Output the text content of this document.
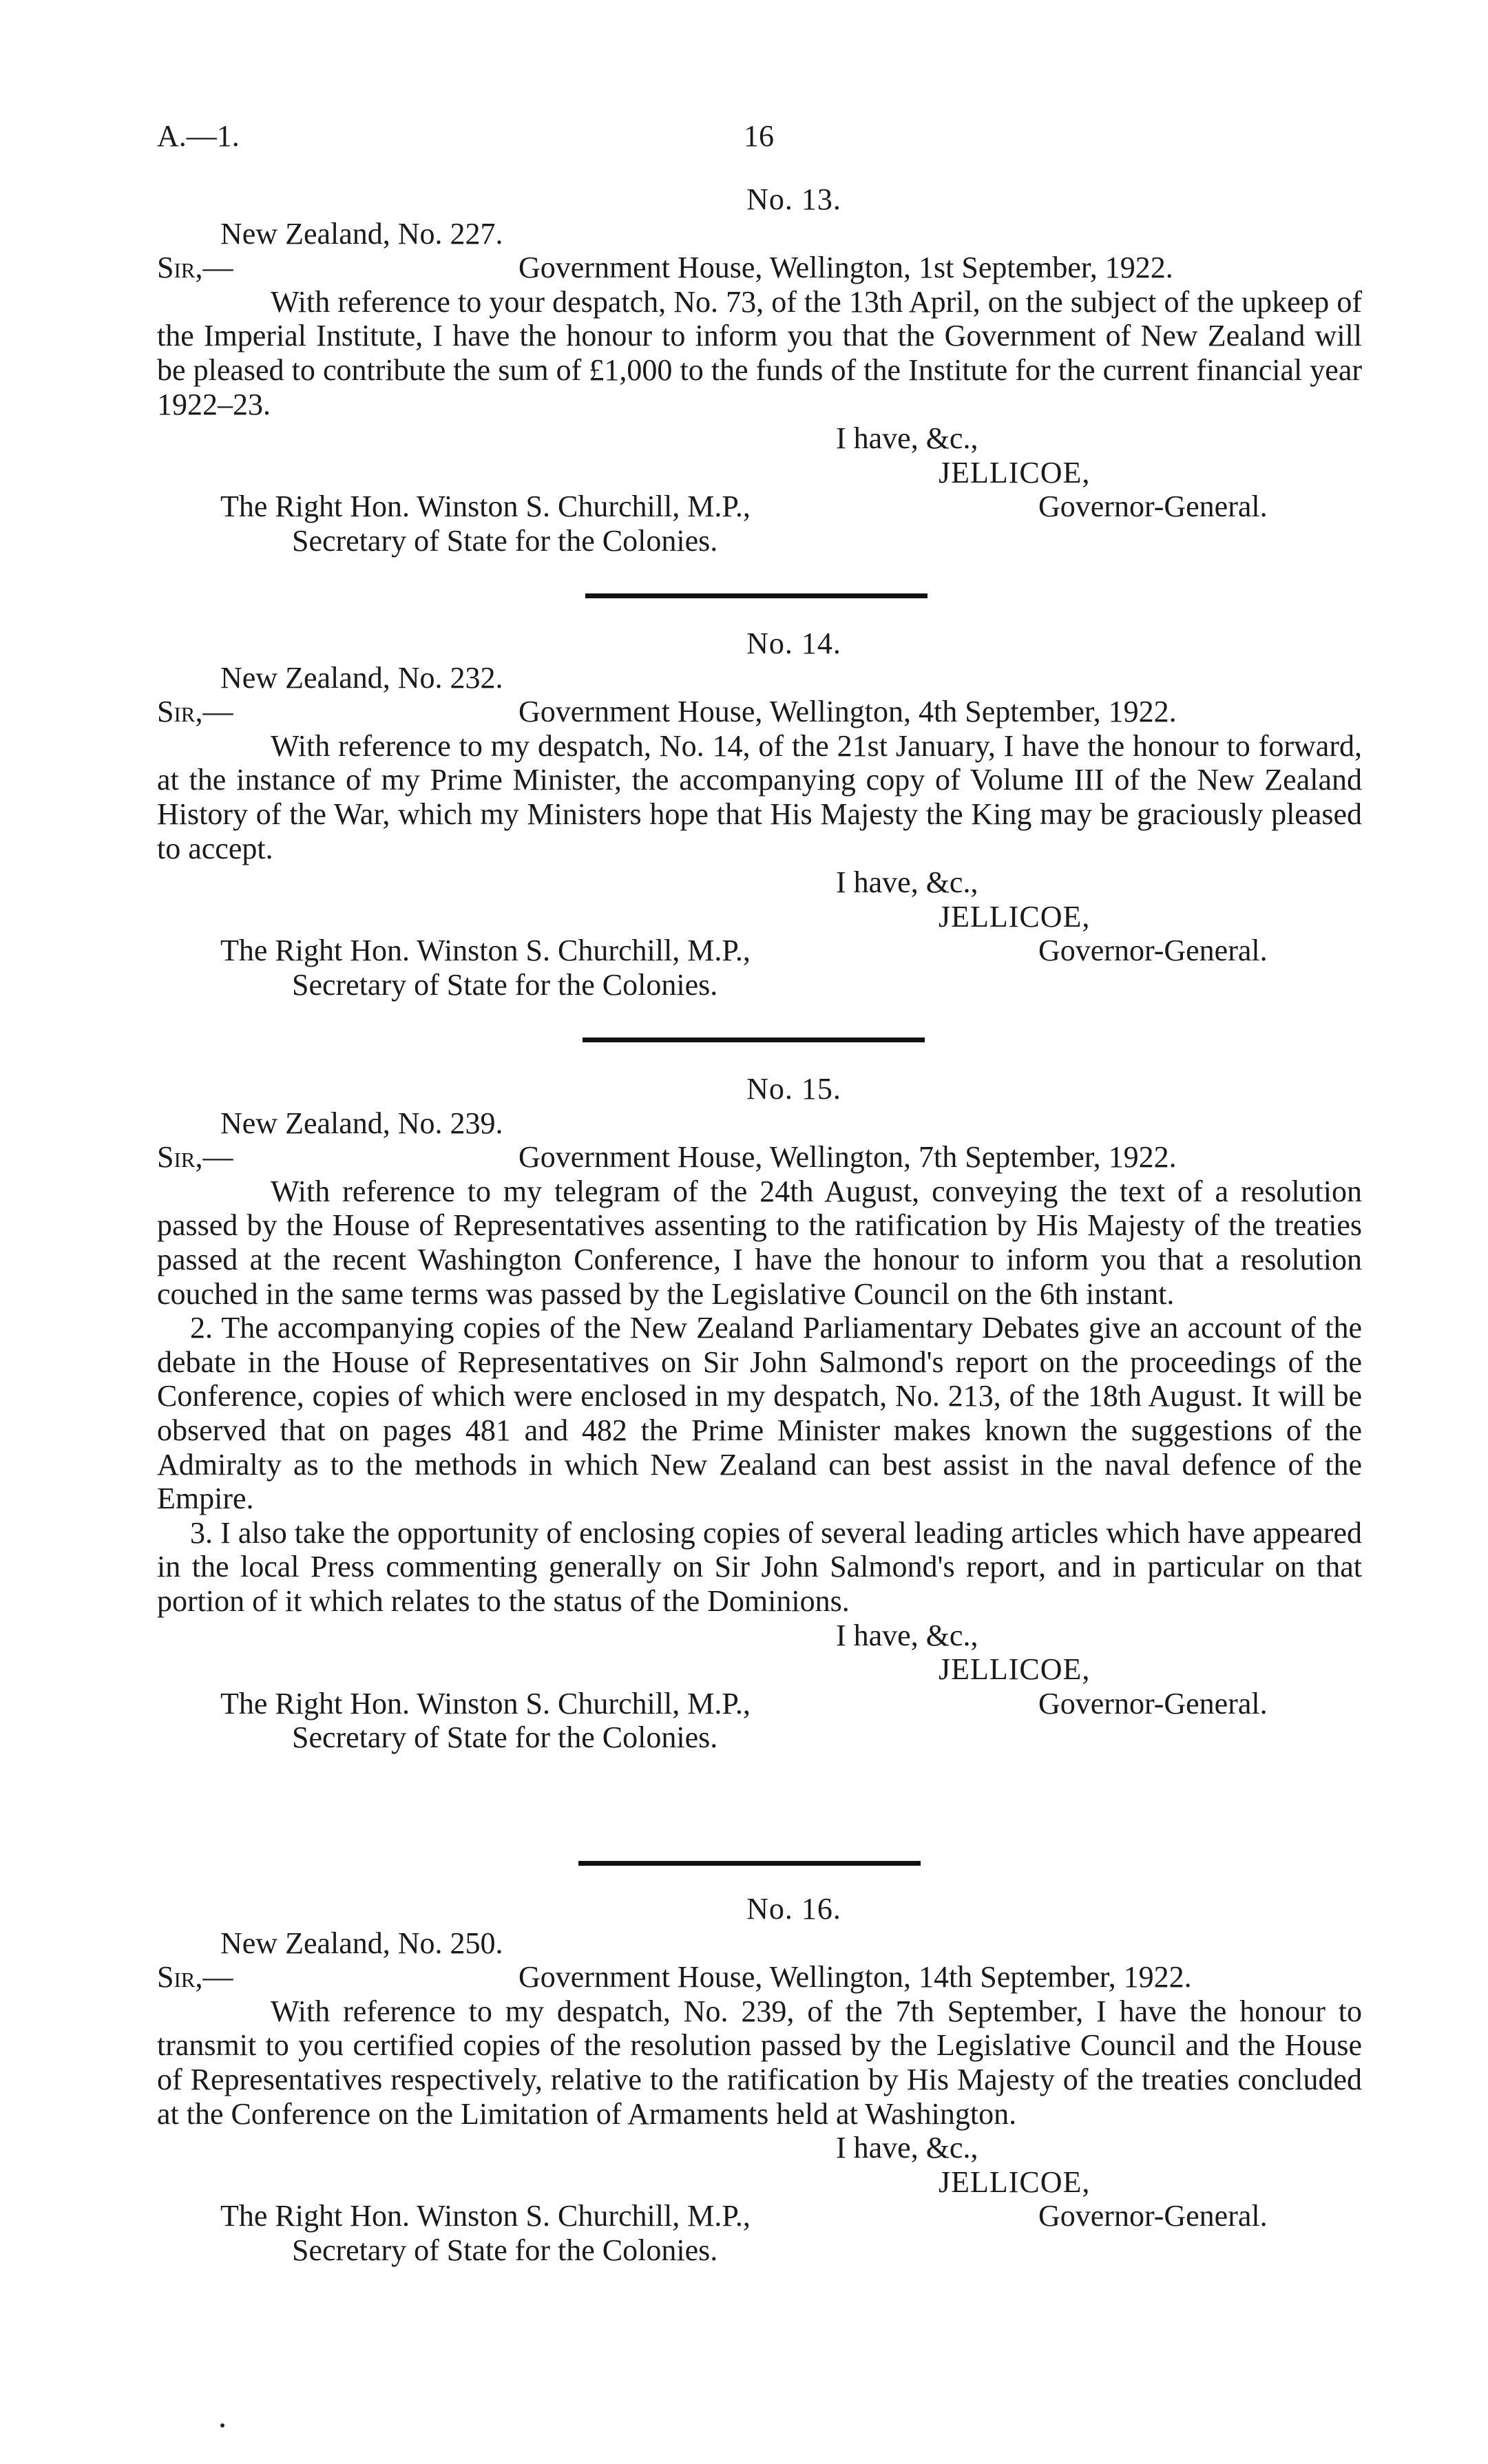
A.—1.	16
No. 13.
New Zealand, No. 227.
Sir,—	Government House, Wellington, 1st September, 1922.

With reference to your despatch, No. 73, of the 13th April, on the subject of the upkeep of the Imperial Institute, I have the honour to inform you that the Government of New Zealand will be pleased to contribute the sum of £1,000 to the funds of the Institute for the current financial year 1922–23.

I have, &c.,
JELLICOE,
The Right Hon. Winston S. Churchill, M.P.,	Governor-General.
Secretary of State for the Colonies.
No. 14.
New Zealand, No. 232.
Sir,—	Government House, Wellington, 4th September, 1922.

With reference to my despatch, No. 14, of the 21st January, I have the honour to forward, at the instance of my Prime Minister, the accompanying copy of Volume III of the New Zealand History of the War, which my Ministers hope that His Majesty the King may be graciously pleased to accept.

I have, &c.,
JELLICOE,
The Right Hon. Winston S. Churchill, M.P.,	Governor-General.
Secretary of State for the Colonies.
No. 15.
New Zealand, No. 239.
Sir,—	Government House, Wellington, 7th September, 1922.

With reference to my telegram of the 24th August, conveying the text of a resolution passed by the House of Representatives assenting to the ratification by His Majesty of the treaties passed at the recent Washington Conference, I have the honour to inform you that a resolution couched in the same terms was passed by the Legislative Council on the 6th instant.

2. The accompanying copies of the New Zealand Parliamentary Debates give an account of the debate in the House of Representatives on Sir John Salmond's report on the proceedings of the Conference, copies of which were enclosed in my despatch, No. 213, of the 18th August. It will be observed that on pages 481 and 482 the Prime Minister makes known the suggestions of the Admiralty as to the methods in which New Zealand can best assist in the naval defence of the Empire.

3. I also take the opportunity of enclosing copies of several leading articles which have appeared in the local Press commenting generally on Sir John Salmond's report, and in particular on that portion of it which relates to the status of the Dominions.

I have, &c.,
JELLICOE,
The Right Hon. Winston S. Churchill, M.P.,	Governor-General.
Secretary of State for the Colonies.
No. 16.
New Zealand, No. 250.
Sir,—	Government House, Wellington, 14th September, 1922.

With reference to my despatch, No. 239, of the 7th September, I have the honour to transmit to you certified copies of the resolution passed by the Legislative Council and the House of Representatives respectively, relative to the ratification by His Majesty of the treaties concluded at the Conference on the Limitation of Armaments held at Washington.

I have, &c.,
JELLICOE,
The Right Hon. Winston S. Churchill, M.P.,	Governor-General.
Secretary of State for the Colonies.
